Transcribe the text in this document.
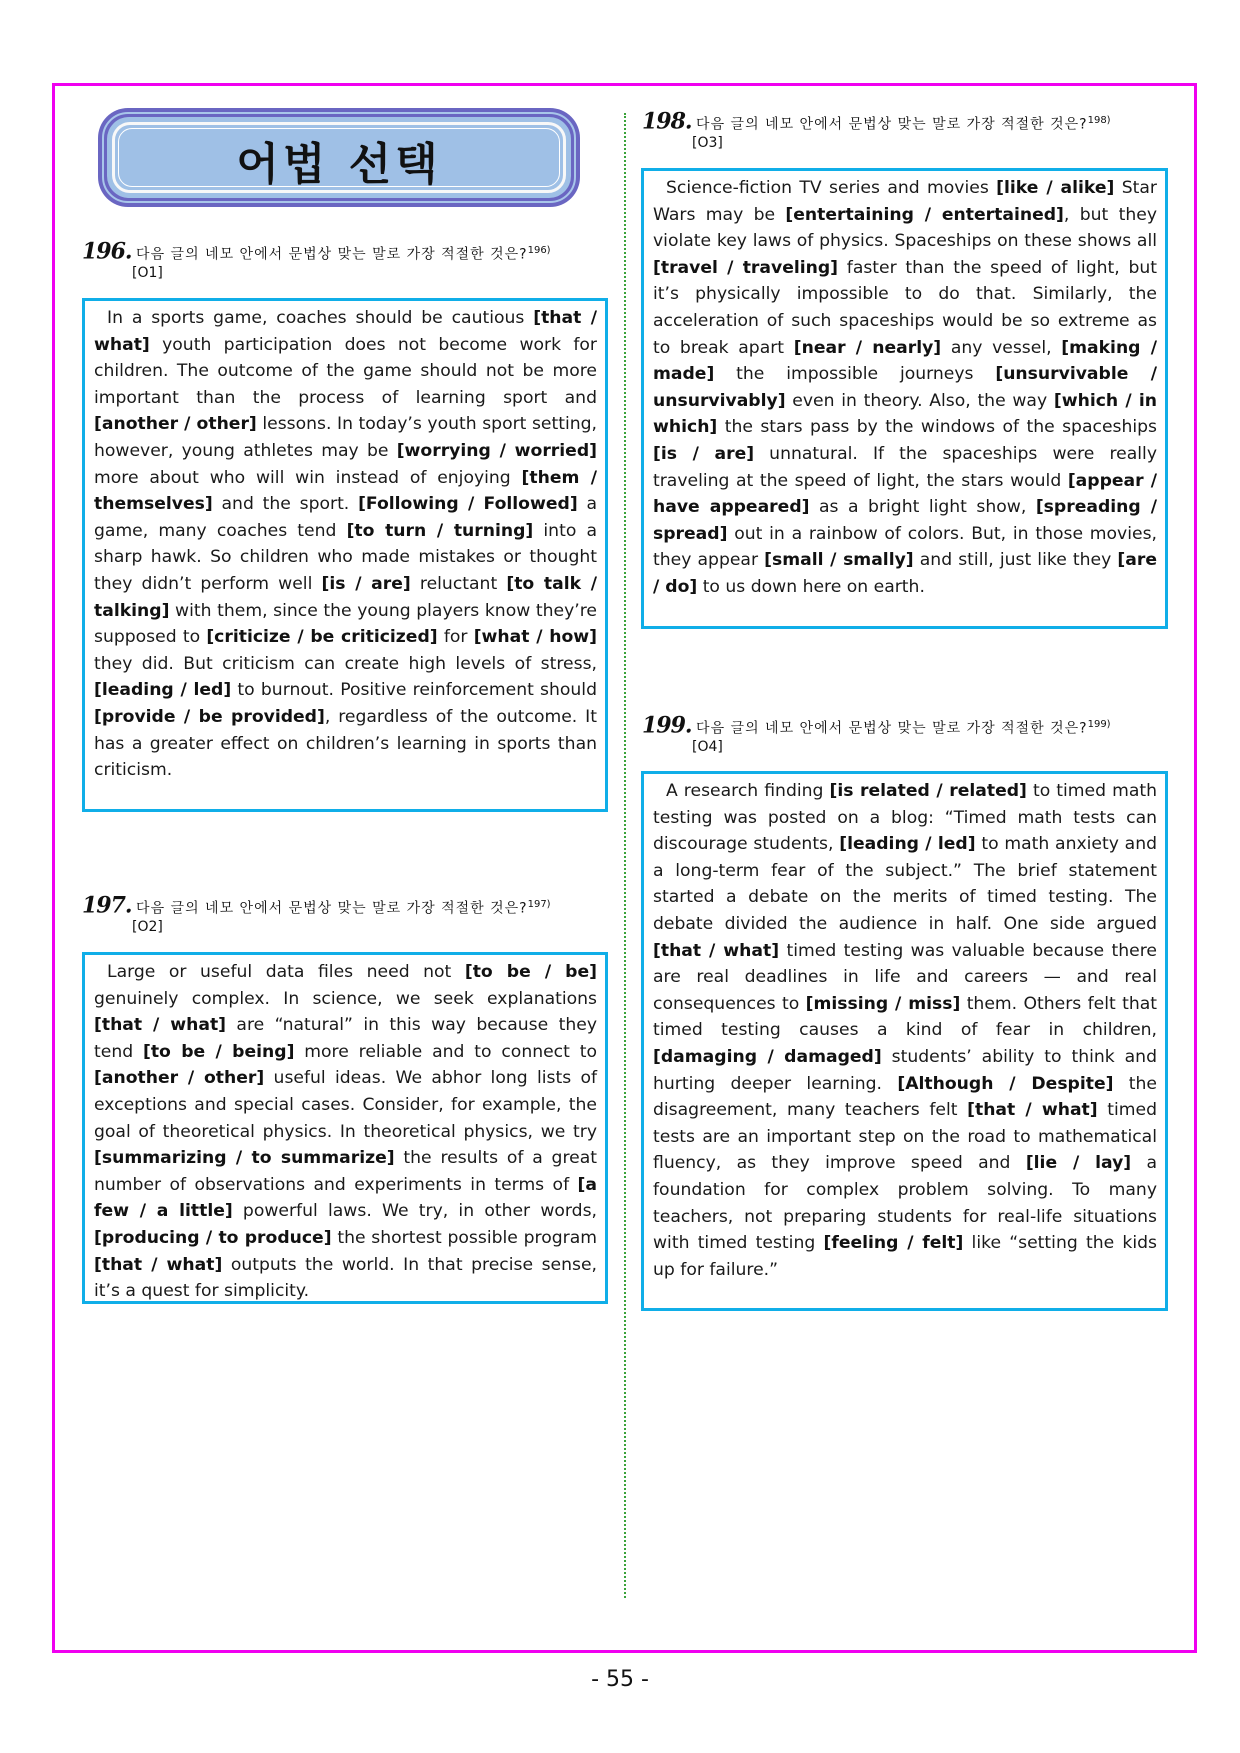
어법 선택
196. 다음 글의 네모 안에서 문법상 맞는 말로 가장 적절한 것은?$^{196)}$
[O1]

In a sports game, coaches should be cautious [that / what] youth participation does not become work for children. The outcome of the game should not be more important than the process of learning sport and [another / other] lessons. In today’s youth sport setting, however, young athletes may be [worrying / worried] more about who will win instead of enjoying [them / themselves] and the sport. [Following / Followed] a game, many coaches tend [to turn / turning] into a sharp hawk. So children who made mistakes or thought they didn’t perform well [is / are] reluctant [to talk / talking] with them, since the young players know they’re supposed to [criticize / be criticized] for [what / how] they did. But criticism can create high levels of stress, [leading / led] to burnout. Positive reinforcement should [provide / be provided], regardless of the outcome. It has a greater effect on children’s learning in sports than criticism.

197. 다음 글의 네모 안에서 문법상 맞는 말로 가장 적절한 것은?$^{197)}$
[O2]

Large or useful data files need not [to be / be] genuinely complex. In science, we seek explanations [that / what] are “natural” in this way because they tend [to be / being] more reliable and to connect to [another / other] useful ideas. We abhor long lists of exceptions and special cases. Consider, for example, the goal of theoretical physics. In theoretical physics, we try [summarizing / to summarize] the results of a great number of observations and experiments in terms of [a few / a little] powerful laws. We try, in other words, [producing / to produce] the shortest possible program [that / what] outputs the world. In that precise sense, it’s a quest for simplicity.

198. 다음 글의 네모 안에서 문법상 맞는 말로 가장 적절한 것은?$^{198)}$
[O3]

Science-fiction TV series and movies [like / alike] Star Wars may be [entertaining / entertained], but they violate key laws of physics. Spaceships on these shows all [travel / traveling] faster than the speed of light, but it’s physically impossible to do that. Similarly, the acceleration of such spaceships would be so extreme as to break apart [near / nearly] any vessel, [making / made] the impossible journeys [unsurvivable / unsurvivably] even in theory. Also, the way [which / in which] the stars pass by the windows of the spaceships [is / are] unnatural. If the spaceships were really traveling at the speed of light, the stars would [appear / have appeared] as a bright light show, [spreading / spread] out in a rainbow of colors. But, in those movies, they appear [small / smally] and still, just like they [are / do] to us down here on earth.

199. 다음 글의 네모 안에서 문법상 맞는 말로 가장 적절한 것은?$^{199)}$
[O4]

A research finding [is related / related] to timed math testing was posted on a blog: “Timed math tests can discourage students, [leading / led] to math anxiety and a long-term fear of the subject.” The brief statement started a debate on the merits of timed testing. The debate divided the audience in half. One side argued [that / what] timed testing was valuable because there are real deadlines in life and careers — and real consequences to [missing / miss] them. Others felt that timed testing causes a kind of fear in children, [damaging / damaged] students’ ability to think and hurting deeper learning. [Although / Despite] the disagreement, many teachers felt [that / what] timed tests are an important step on the road to mathematical fluency, as they improve speed and [lie / lay] a foundation for complex problem solving. To many teachers, not preparing students for real-life situations with timed testing [feeling / felt] like “setting the kids up for failure.”

- 55 -
